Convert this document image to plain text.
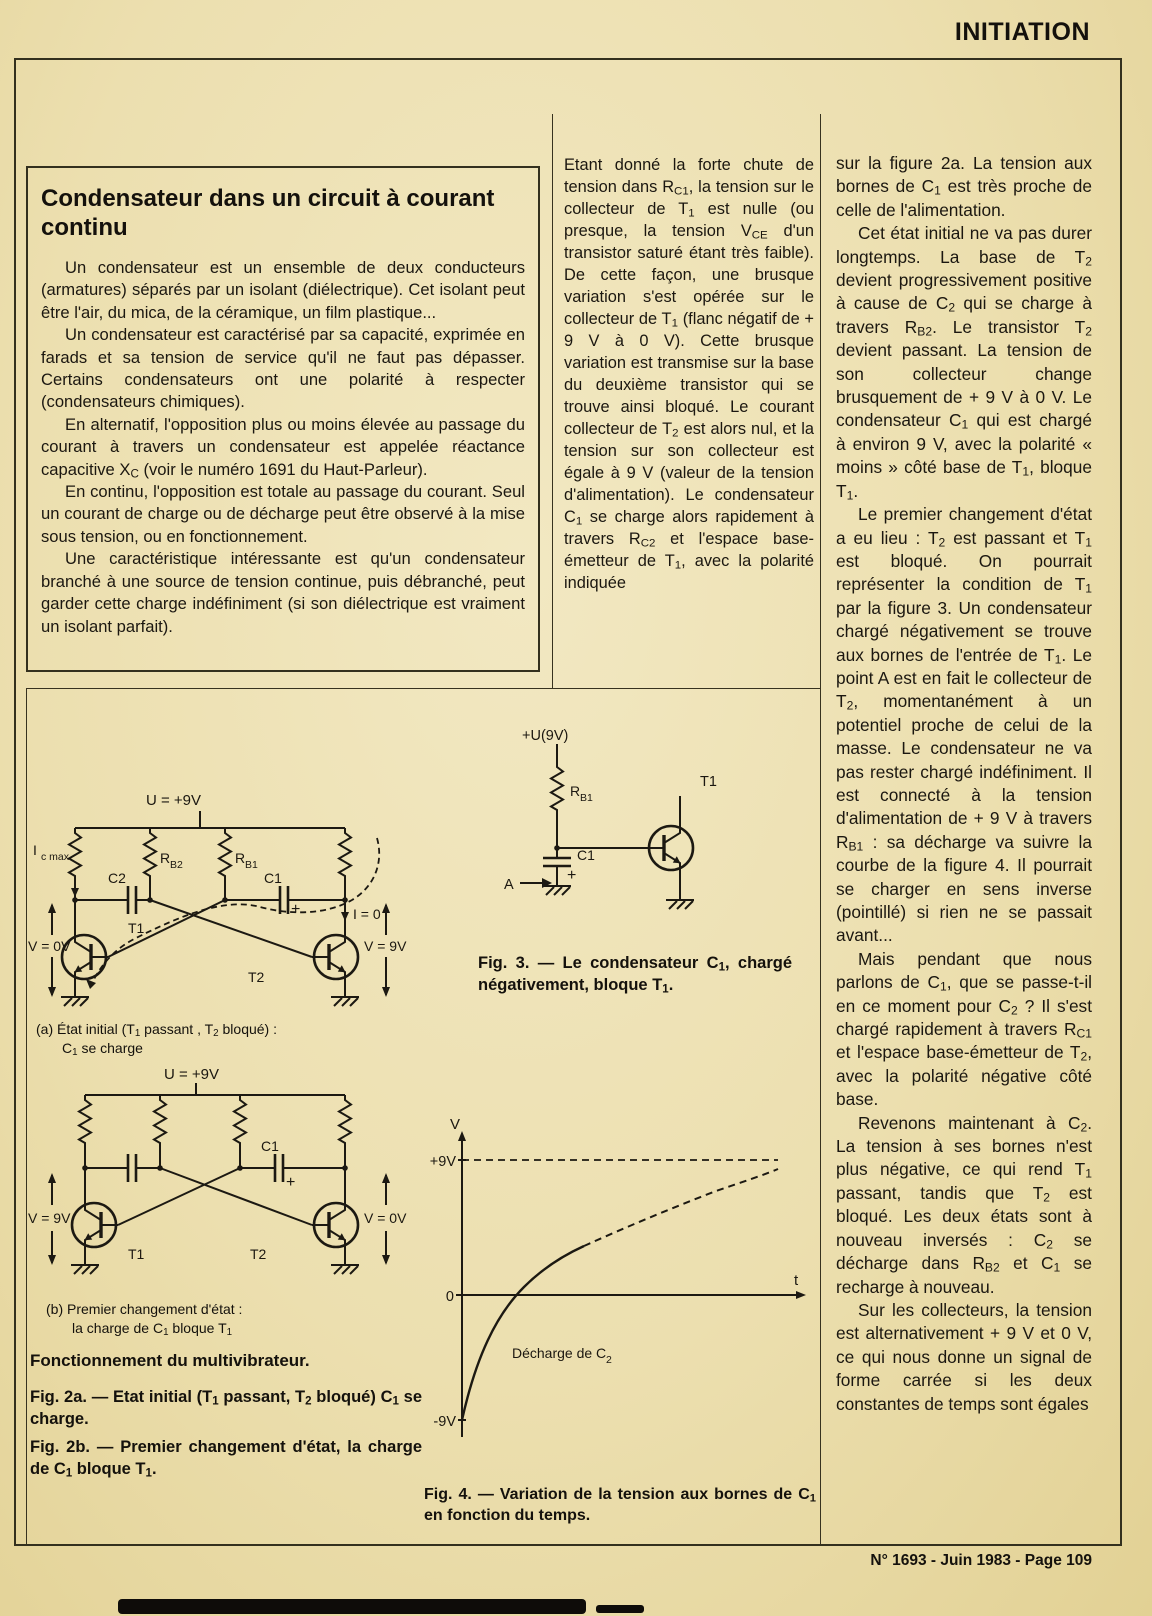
INITIATION
Condensateur dans un circuit à courant continu

Un condensateur est un ensemble de deux conducteurs (armatures) séparés par un isolant (diélectrique). Cet isolant peut être l'air, du mica, de la céramique, un film plastique...

Un condensateur est caractérisé par sa capacité, exprimée en farads et sa tension de service qu'il ne faut pas dépasser. Certains condensateurs ont une polarité à respecter (condensateurs chimiques).

En alternatif, l'opposition plus ou moins élevée au passage du courant à travers un condensateur est appelée réactance capacitive $X_C$ (voir le numéro 1691 du Haut-Parleur).

En continu, l'opposition est totale au passage du courant. Seul un courant de charge ou de décharge peut être observé à la mise sous tension, ou en fonctionnement.

Une caractéristique intéressante est qu'un condensateur branché à une source de tension continue, puis débranché, peut garder cette charge indéfiniment (si son diélectrique est vraiment un isolant parfait).

Etant donné la forte chute de tension dans $R_{C1}$, la tension sur le collecteur de $T_1$ est nulle (ou presque, la tension $V_{CE}$ d'un transistor saturé étant très faible). De cette façon, une brusque variation s'est opérée sur le collecteur de $T_1$ (flanc négatif de + 9 V à 0 V). Cette brusque variation est transmise sur la base du deuxième transistor qui se trouve ainsi bloqué. Le courant collecteur de $T_2$ est alors nul, et la tension sur son collecteur est égale à 9 V (valeur de la tension d'alimentation). Le condensateur $C_1$ se charge alors rapidement à travers $R_{C2}$ et l'espace base-émetteur de $T_1$, avec la polarité indiquée

sur la figure 2a. La tension aux bornes de $C_1$ est très proche de celle de l'alimentation.

Cet état initial ne va pas durer longtemps. La base de $T_2$ devient progressivement positive à cause de $C_2$ qui se charge à travers $R_{B2}$. Le transistor $T_2$ devient passant. La tension de son collecteur change brusquement de + 9 V à 0 V. Le condensateur $C_1$ qui est chargé à environ 9 V, avec la polarité « moins » côté base de $T_1$, bloque $T_1$.

Le premier changement d'état a eu lieu : $T_2$ est passant et $T_1$ est bloqué. On pourrait représenter la condition de $T_1$ par la figure 3. Un condensateur chargé négativement se trouve aux bornes de l'entrée de $T_1$. Le point A est en fait le collecteur de $T_2$, momentanément à un potentiel proche de celui de la masse. Le condensateur ne va pas rester chargé indéfiniment. Il est connecté à la tension d'alimentation de + 9 V à travers $R_{B1}$ : sa décharge va suivre la courbe de la figure 4. Il pourrait se charger en sens inverse (pointillé) si rien ne se passait avant...

Mais pendant que nous parlons de $C_1$, que se passe-t-il en ce moment pour $C_2$ ? Il s'est chargé rapidement à travers $R_{C1}$ et l'espace base-émetteur de $T_2$, avec la polarité négative côté base.

Revenons maintenant à $C_2$. La tension à ses bornes n'est plus négative, ce qui rend $T_1$ passant, tandis que $T_2$ est bloqué. Les deux états sont à nouveau inversés : $C_2$ se décharge dans $R_{B2}$ et $C_1$ se recharge à nouveau.

Sur les collecteurs, la tension est alternativement + 9 V et 0 V, ce qui nous donne un signal de forme carrée si les deux constantes de temps sont égales

U = +9V
I c max	R B2	R B1
C2	C1
+	I = 0
T1
T2
V = 0V	V = 9V
(a) État initial ($T_1$ passant , $T_2$ bloqué) :
$C_1$ se charge
U = +9V
C1
+
T1	T2
V = 9V	V = 0V
(b) Premier changement d'état :
la charge de $C_1$ bloque $T_1$
Fonctionnement du multivibrateur.
Fig. 2a. — Etat initial ($T_1$ passant, $T_2$ bloqué) $C_1$ se charge.
Fig. 2b. — Premier changement d'état, la charge de $C_1$ bloque $T_1$.
+U(9V)
R B1
C1
+
A
T1
Fig. 3. — Le condensateur $C_1$, chargé négativement, bloque $T_1$.
V
t
+9V
0
-9V
Décharge de C 2
Fig. 4. — Variation de la tension aux bornes de $C_1$ en fonction du temps.
N° 1693 - Juin 1983 - Page 109
